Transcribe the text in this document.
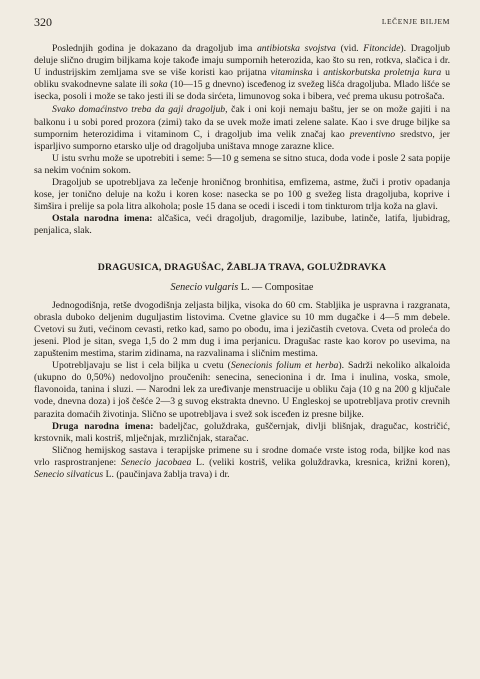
320	LEČENJE BILJEM

Poslednjih godina je dokazano da dragoljub ima antibiotska svojstva (vid. Fitoncide). Dragoljub deluje slično drugim biljkama koje takođe imaju sumpornih heterozida, kao što su ren, rotkva, slačica i dr. U industrijskim zemljama sve se više koristi kao prijatna vitaminska i antiskorbutska proletnja kura u obliku svakodnevne salate ili soka (10—15 g dnevno) iscеđenog iz svežeg lišća dragoljuba. Mlado lišće se isecka, posoli i može se tako jesti ili se doda sirćeta, limunovog soka i bibera, već prema ukusu potrošača.

Svako domaćinstvo treba da gaji dragoljub, čak i oni koji nemaju baštu, jer se on može gajiti i na balkonu i u sobi pored prozora (zimi) tako da se uvek može imati zelene salate. Kao i sve druge biljke sa sumpornim heterozidima i vitaminom C, i dragoljub ima velik značaj kao preventivno sredstvo, jer isparljivo sumporno etarsko ulje od dragoljuba uništava mnoge zarazne klice.

U istu svrhu može se upotrebiti i seme: 5—10 g semena se sitno stuca, doda vode i posle 2 sata popije sa nekim voćnim sokom.

Dragoljub se upotrebljava za lečenje hroničnog bronhitisa, emfizema, astme, žuči i protiv opadanja kose, jer tonično deluje na kožu i koren kose: nasecka se po 100 g svežeg lista dragoljuba, koprive i šimšira i prelije sa pola litra alkohola; posle 15 dana se ocedi i iscedi i tom tinkturom trlja koža na glavi.

Ostala narodna imena: alčašica, veći dragoljub, dragomilje, lazibube, latinče, latifa, ljubidrag, penjalica, slak.

DRAGUSICA, DRAGUŠAC, ŽABLJA TRAVA, GOLUŽDRAVKA
Senecio vulgaris L. — Compositae

Jednogodišnja, retše dvogodišnja zeljasta biljka, visoka do 60 cm. Stabljika je uspravna i razgranata, obrasla duboko deljenim duguljastim listovima. Cvetne glavice su 10 mm dugačke i 4—5 mm debele. Cvetovi su žuti, većinom cevasti, retko kad, samo po obodu, ima i jezičastih cvetova. Cveta od proleća do jeseni. Plod je sitan, svega 1,5 do 2 mm dug i ima perjanicu. Dragušac raste kao korov po usevima, na zapuštenim mestima, starim zidinama, na razvalinama i sličnim mestima.

Upotrebljavaju se list i cela biljka u cvetu (Senecionis folium et herba). Sadrži nekoliko alkaloida (ukupno do 0,50%) nedovoljno proučenih: senecina, senecionina i dr. Ima i inulina, voska, smole, flavonoida, tanina i sluzi. — Narodni lek za uređivanje menstruacije u obliku čaja (10 g na 200 g ključale vode, dnevna doza) i još češće 2—3 g suvog ekstrakta dnevno. U Engleskoj se upotrebljava protiv crevnih parazita domaćih životinja. Slično se upotrebljava i svež sok isceđen iz presne biljke.

Druga narodna imena: badeljčac, goluždraka, guščernjak, divlji blišnjak, dragučac, kostričić, krstovnik, mali kostriš, mlječnjak, mrzličnjak, staračac.

Sličnog hemijskog sastava i terapijske primene su i srodne domaće vrste istog roda, biljke kod nas vrlo rasprostranjene: Senecio jacobaea L. (veliki kostriš, velika goluždravka, kresnica, križni koren), Senecio silvaticus L. (paučinjava žablja trava) i dr.
